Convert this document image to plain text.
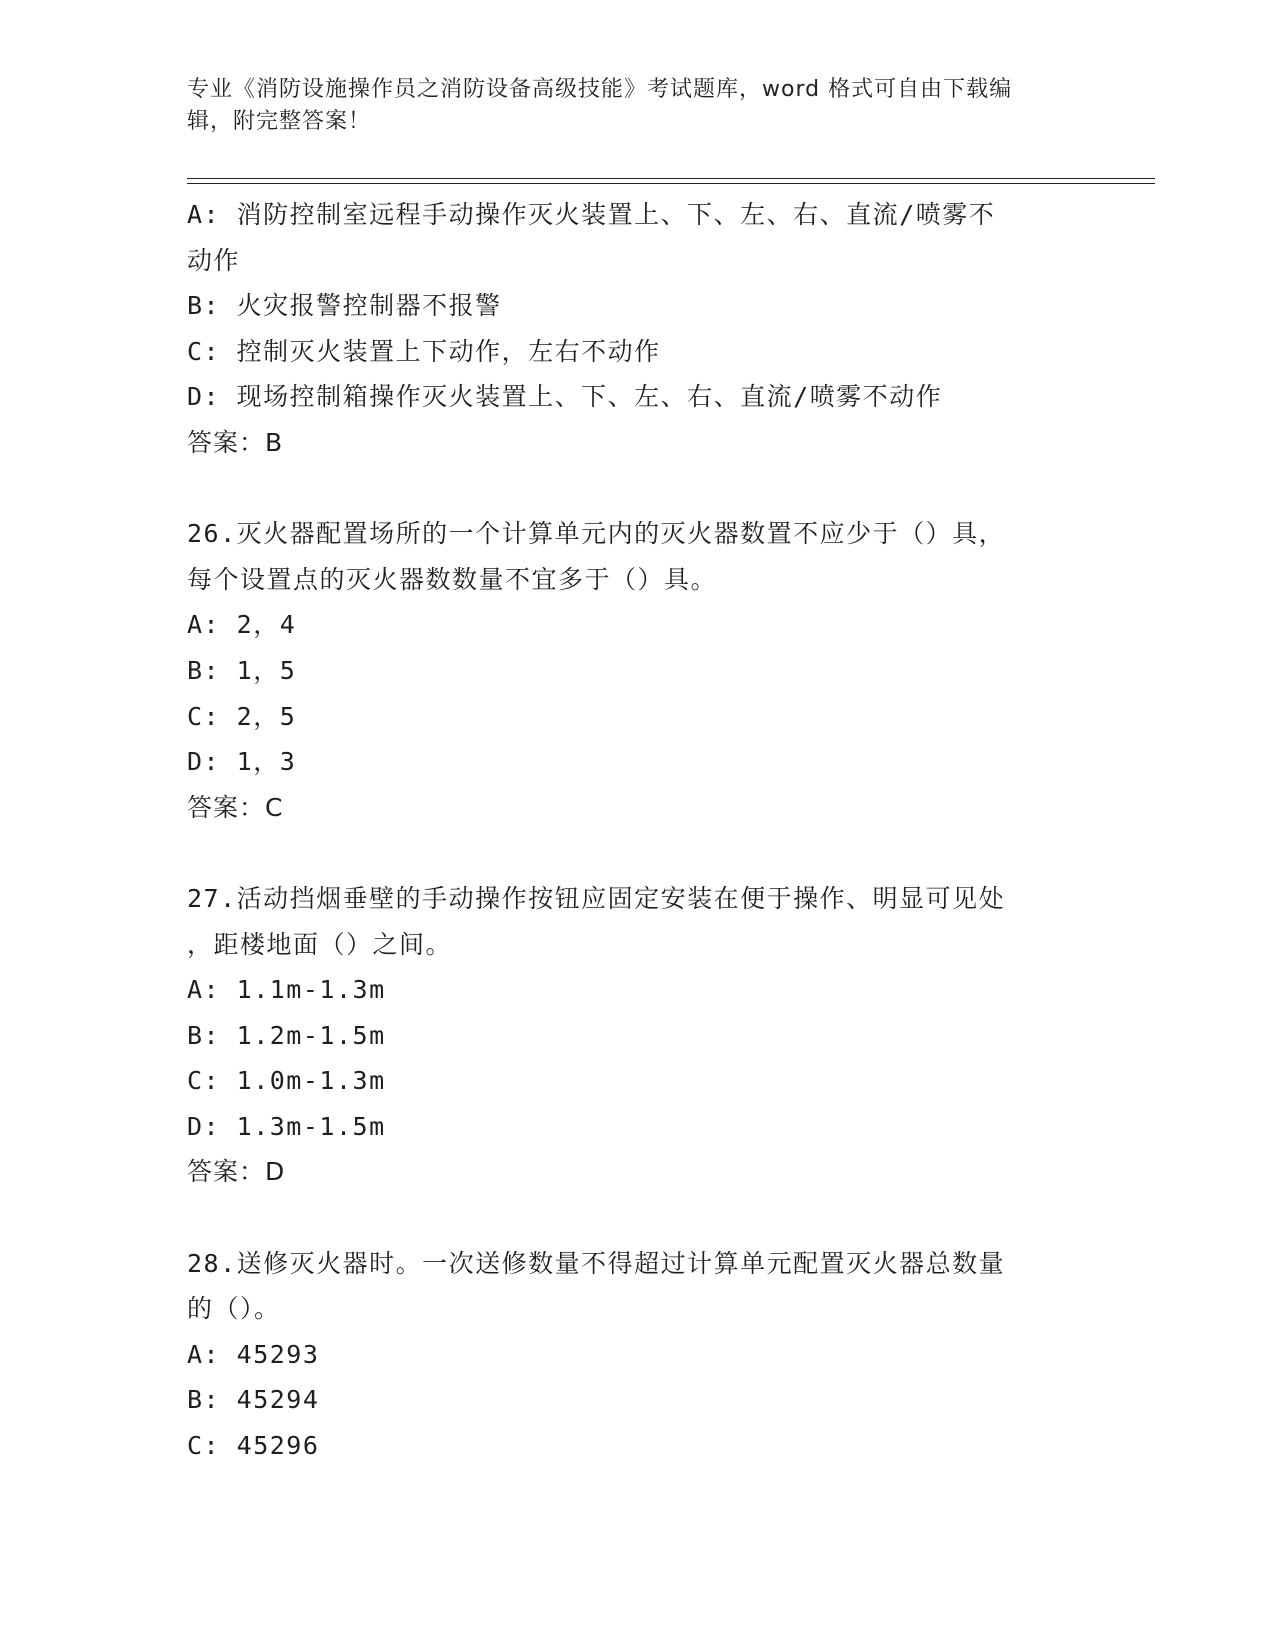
专业《消防设施操作员之消防设备高级技能》考试题库，word 格式可自由下载编
辑，附完整答案！
A: 消防控制室远程手动操作灭火装置上、下、左、右、直流/喷雾不
动作
B: 火灾报警控制器不报警
C: 控制灭火装置上下动作，左右不动作
D: 现场控制箱操作灭火装置上、下、左、右、直流/喷雾不动作
答案：B
26.灭火器配置场所的一个计算单元内的灭火器数置不应少于（）具，
每个设置点的灭火器数数量不宜多于（）具。
A: 2，4
B: 1，5
C: 2，5
D: 1，3
答案：C
27.活动挡烟垂壁的手动操作按钮应固定安装在便于操作、明显可见处
，距楼地面（）之间。
A: 1.1m-1.3m
B: 1.2m-1.5m
C: 1.0m-1.3m
D: 1.3m-1.5m
答案：D
28.送修灭火器时。一次送修数量不得超过计算单元配置灭火器总数量
的（）。
A: 45293
B: 45294
C: 45296
